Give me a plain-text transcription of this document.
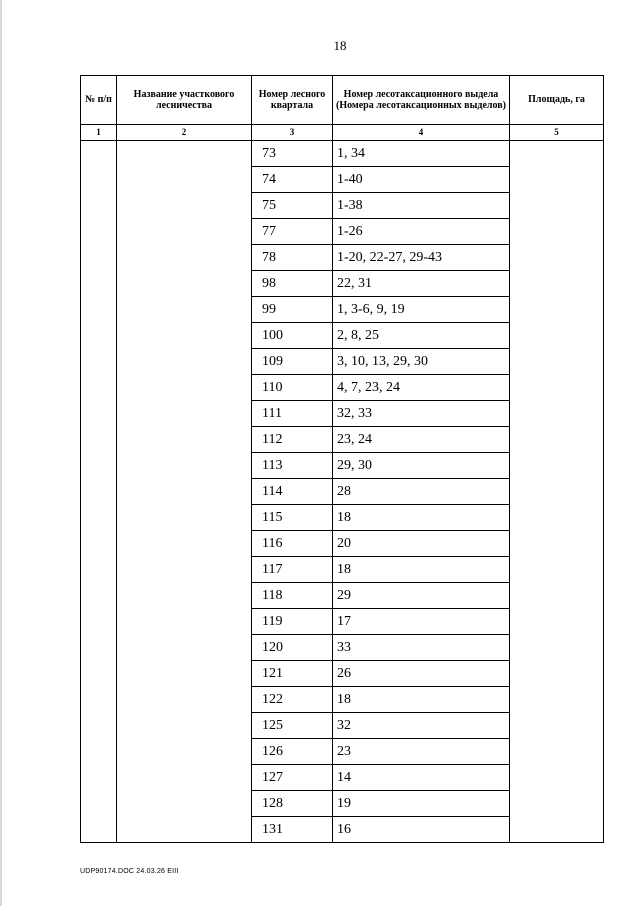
18
№ п/п	Название участкового лесничества	Номер лесного квартала	Номер лесотаксационного выдела (Номера лесотаксационных выделов)	Площадь, га
1	2	3	4	5
		73	1, 34	
		74	1-40	
		75	1-38	
		77	1-26	
		78	1-20, 22-27, 29-43	
		98	22, 31	
		99	1, 3-6, 9, 19	
		100	2, 8, 25	
		109	3, 10, 13, 29, 30	
		110	4, 7, 23, 24	
		111	32, 33	
		112	23, 24	
		113	29, 30	
		114	28	
		115	18	
		116	20	
		117	18	
		118	29	
		119	17	
		120	33	
		121	26	
		122	18	
		125	32	
		126	23	
		127	14	
		128	19	
		131	16	
UDP90174.DOC 24.03.26 EIII
